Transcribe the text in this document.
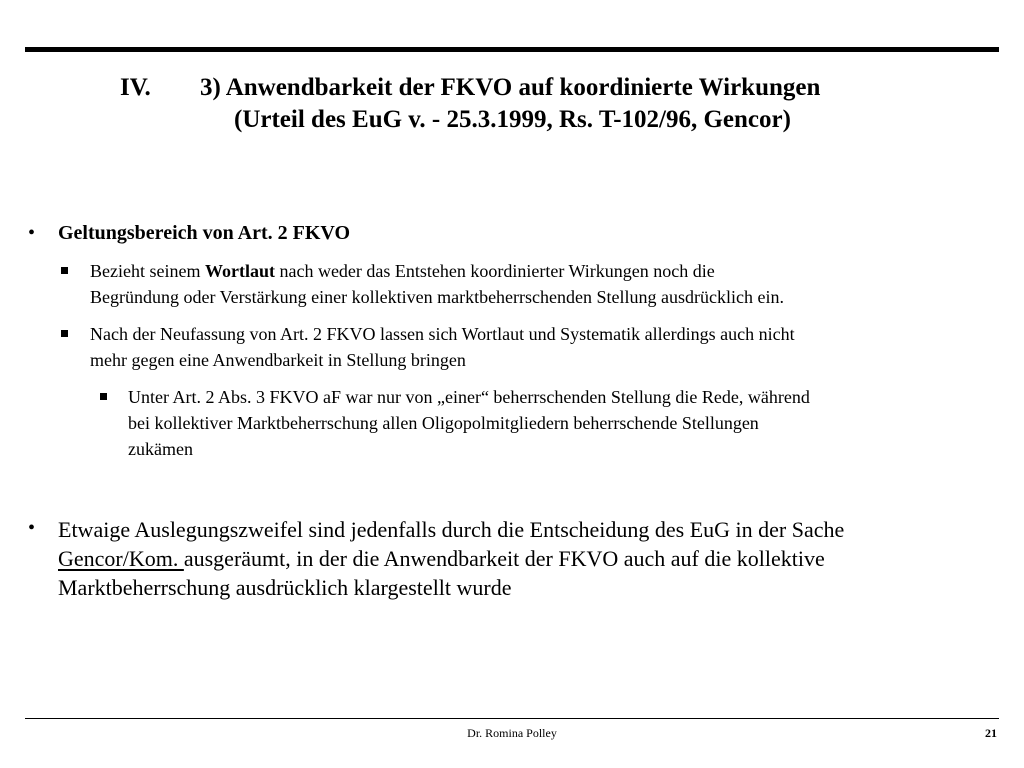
IV. 3) Anwendbarkeit der FKVO auf koordinierte Wirkungen
(Urteil des EuG v. - 25.3.1999, Rs. T-102/96, Gencor)
• Geltungsbereich von Art. 2 FKVO
Bezieht seinem Wortlaut nach weder das Entstehen koordinierter Wirkungen noch die
Begründung oder Verstärkung einer kollektiven marktbeherrschenden Stellung ausdrücklich ein.
Nach der Neufassung von Art. 2 FKVO lassen sich Wortlaut und Systematik allerdings auch nicht
mehr gegen eine Anwendbarkeit in Stellung bringen
Unter Art. 2 Abs. 3 FKVO aF war nur von „einer“ beherrschenden Stellung die Rede, während
bei kollektiver Marktbeherrschung allen Oligopolmitgliedern beherrschende Stellungen
zukämen
• Etwaige Auslegungszweifel sind jedenfalls durch die Entscheidung des EuG in der Sache
Gencor/Kom. ausgeräumt, in der die Anwendbarkeit der FKVO auch auf die kollektive
Marktbeherrschung ausdrücklich klargestellt wurde
Dr. Romina Polley	21
